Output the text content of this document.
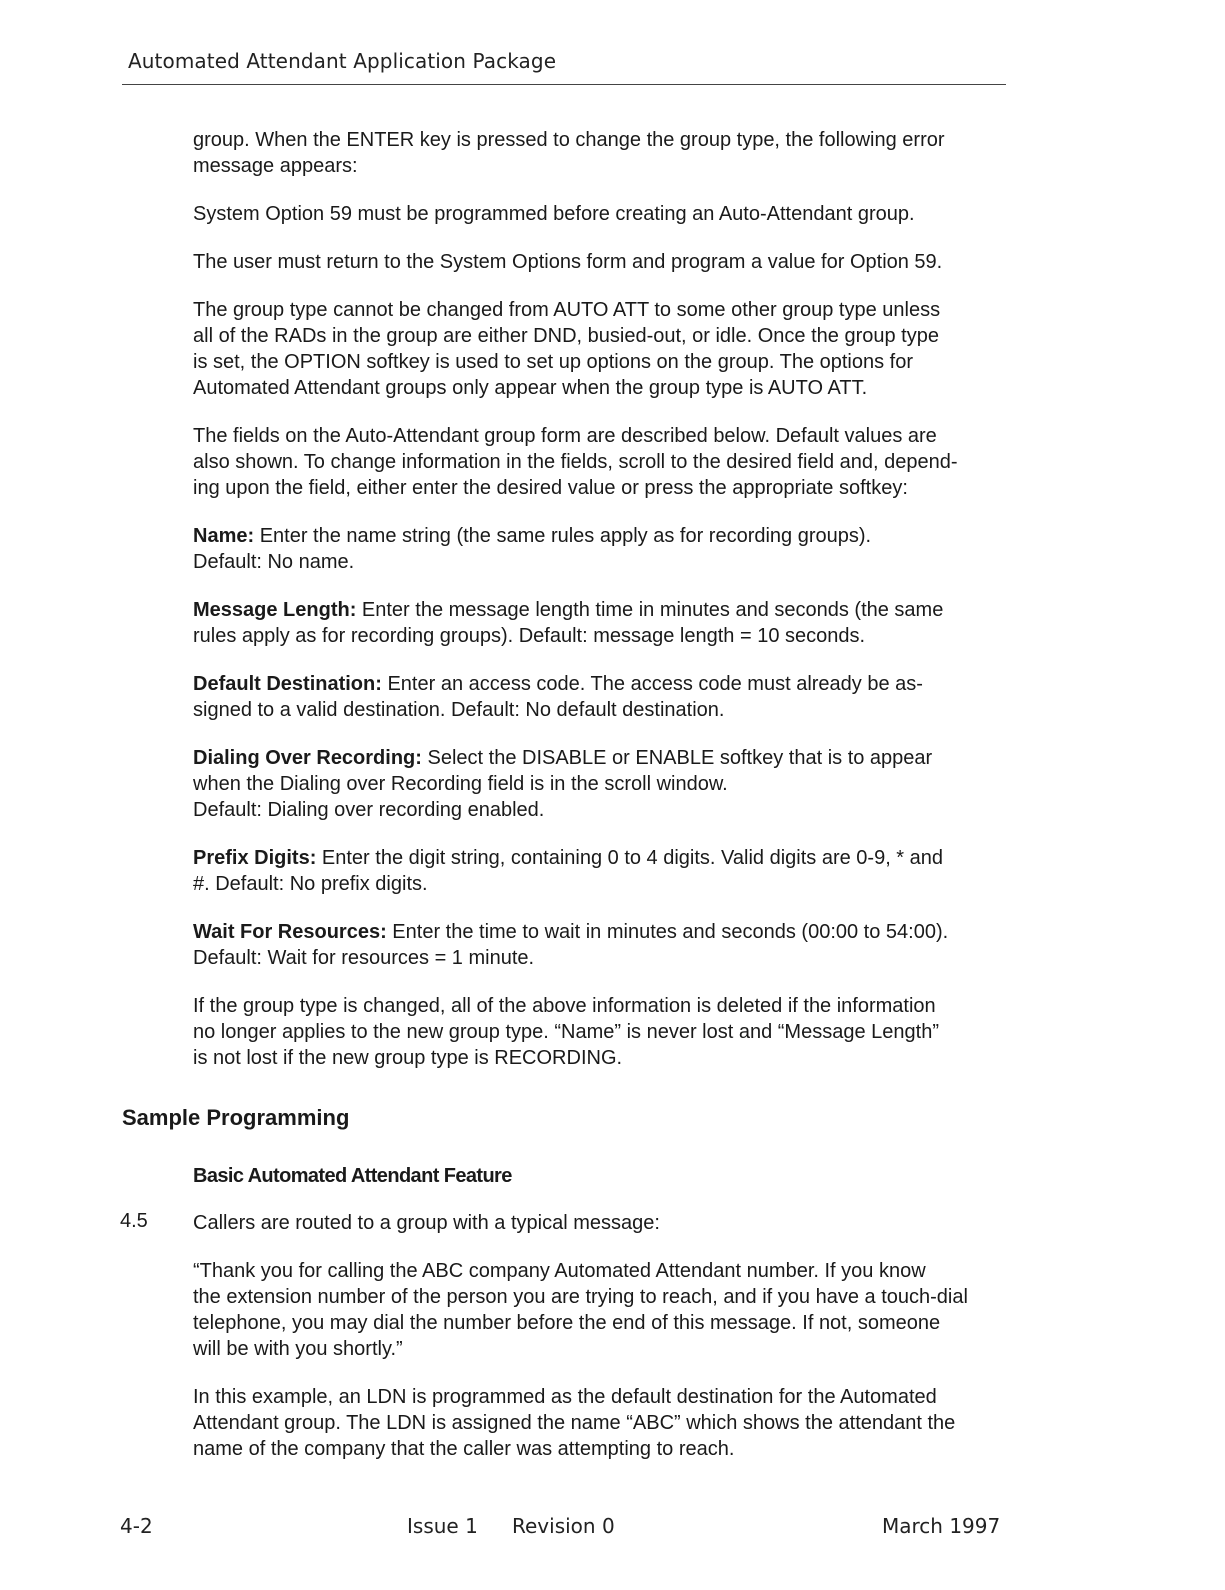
Automated Attendant Application Package

group. When the ENTER key is pressed to change the group type, the following error
message appears:

System Option 59 must be programmed before creating an Auto-Attendant group.

The user must return to the System Options form and program a value for Option 59.

The group type cannot be changed from AUTO ATT to some other group type unless
all of the RADs in the group are either DND, busied-out, or idle. Once the group type
is set, the OPTION softkey is used to set up options on the group. The options for
Automated Attendant groups only appear when the group type is AUTO ATT.

The fields on the Auto-Attendant group form are described below. Default values are
also shown. To change information in the fields, scroll to the desired field and, depend-
ing upon the field, either enter the desired value or press the appropriate softkey:

Name: Enter the name string (the same rules apply as for recording groups).
Default: No name.

Message Length: Enter the message length time in minutes and seconds (the same
rules apply as for recording groups). Default: message length = 10 seconds.

Default Destination: Enter an access code. The access code must already be as-
signed to a valid destination. Default: No default destination.

Dialing Over Recording: Select the DISABLE or ENABLE softkey that is to appear
when the Dialing over Recording field is in the scroll window.
Default: Dialing over recording enabled.

Prefix Digits: Enter the digit string, containing 0 to 4 digits. Valid digits are 0-9, * and
#. Default: No prefix digits.

Wait For Resources: Enter the time to wait in minutes and seconds (00:00 to 54:00).
Default: Wait for resources = 1 minute.

If the group type is changed, all of the above information is deleted if the information
no longer applies to the new group type. “Name” is never lost and “Message Length”
is not lost if the new group type is RECORDING.

Sample Programming
Basic Automated Attendant Feature
4.5 Callers are routed to a group with a typical message:

“Thank you for calling the ABC company Automated Attendant number. If you know
the extension number of the person you are trying to reach, and if you have a touch-dial
telephone, you may dial the number before the end of this message. If not, someone
will be with you shortly.”

In this example, an LDN is programmed as the default destination for the Automated
Attendant group. The LDN is assigned the name “ABC” which shows the attendant the
name of the company that the caller was attempting to reach.

4-2	Issue 1 Revision 0	March 1997
